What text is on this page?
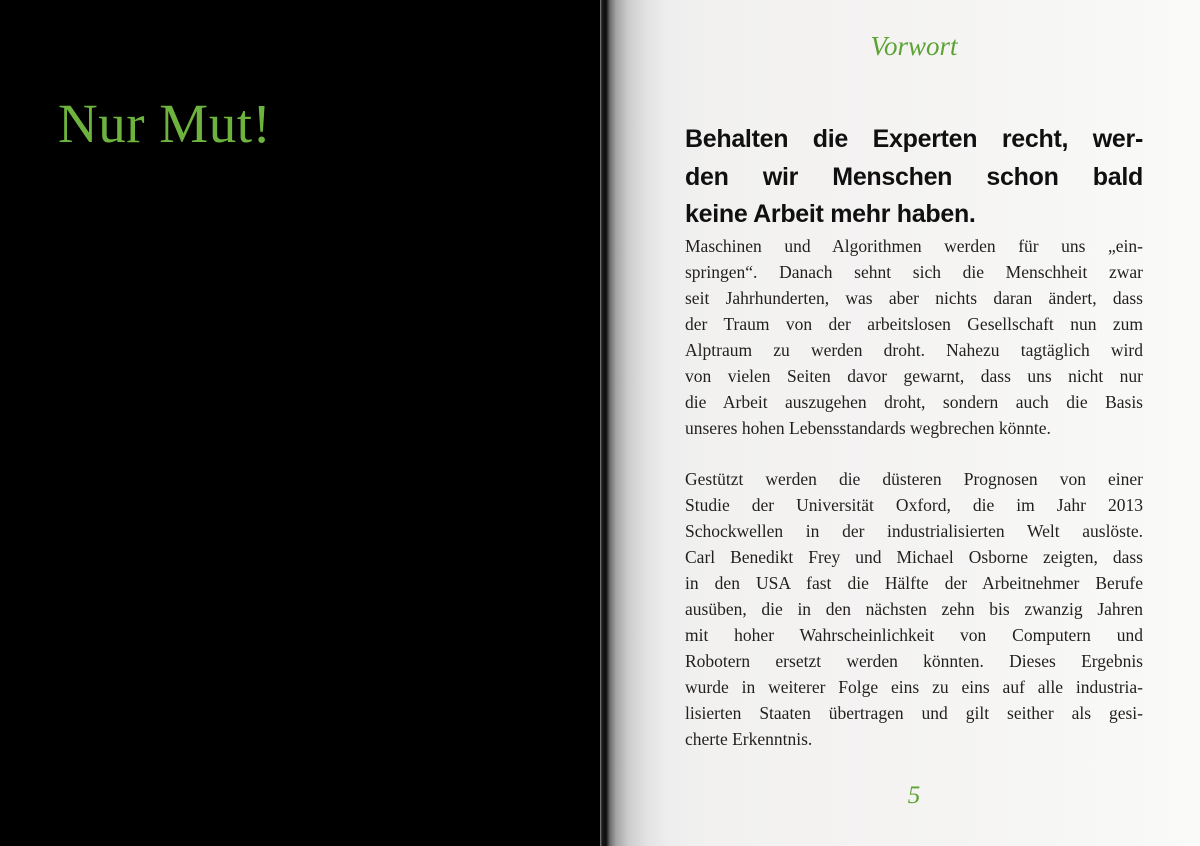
Nur Mut!
Vorwort
Behalten die Experten recht, wer-
den wir Menschen schon bald
keine Arbeit mehr haben.
Maschinen und Algorithmen werden für uns „ein-
springen“. Danach sehnt sich die Menschheit zwar
seit Jahrhunderten, was aber nichts daran ändert, dass
der Traum von der arbeitslosen Gesellschaft nun zum
Alptraum zu werden droht. Nahezu tagtäglich wird
von vielen Seiten davor gewarnt, dass uns nicht nur
die Arbeit auszugehen droht, sondern auch die Basis
unseres hohen Lebensstandards wegbrechen könnte.
Gestützt werden die düsteren Prognosen von einer
Studie der Universität Oxford, die im Jahr 2013
Schockwellen in der industrialisierten Welt auslöste.
Carl Benedikt Frey und Michael Osborne zeigten, dass
in den USA fast die Hälfte der Arbeitnehmer Berufe
ausüben, die in den nächsten zehn bis zwanzig Jahren
mit hoher Wahrscheinlichkeit von Computern und
Robotern ersetzt werden könnten. Dieses Ergebnis
wurde in weiterer Folge eins zu eins auf alle industria-
lisierten Staaten übertragen und gilt seither als gesi-
cherte Erkenntnis.
5
